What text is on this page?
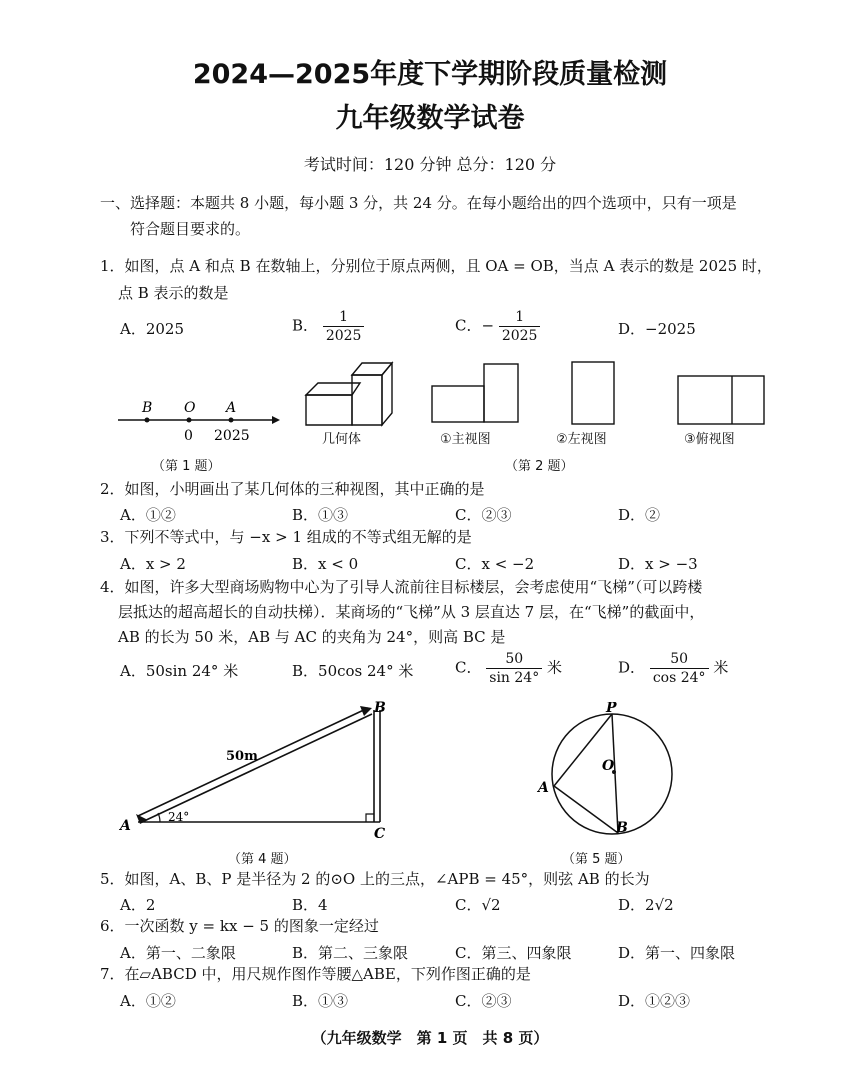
2024—2025年度下学期阶段质量检测
九年级数学试卷
考试时间：120 分钟 总分：120 分
一、选择题：本题共 8 小题，每小题 3 分，共 24 分。在每小题给出的四个选项中，只有一项是
符合题目要求的。
1．如图，点 A 和点 B 在数轴上，分别位于原点两侧，且 OA = OB，当点 A 表示的数是 2025 时，
点 B 表示的数是
A．2025	B． $\frac{1}{2025}$	C．− $\frac{1}{2025}$	D．−2025
B O A
0 2025
（第 1 题）
几何体	①主视图	②左视图	③俯视图
（第 2 题）
2．如图，小明画出了某几何体的三种视图，其中正确的是
A．①②	B．①③	C．②③	D．②
3．下列不等式中，与 −x > 1 组成的不等式组无解的是
A．x > 2	B．x < 0	C．x < −2	D．x > −3
4．如图，许多大型商场购物中心为了引导人流前往目标楼层，会考虑使用“飞梯”（可以跨楼
层抵达的超高超长的自动扶梯）．某商场的“飞梯”从 3 层直达 7 层，在“飞梯”的截面中，
AB 的长为 50 米，AB 与 AC 的夹角为 24°，则高 BC 是
A．50sin 24° 米	B．50cos 24° 米	C． $\frac{50}{\sin 24^\circ}$ 米	D． $\frac{50}{\cos 24^\circ}$ 米
A
B
C
50m
24°
（第 4 题）
P
O
A
B
（第 5 题）
5．如图，A、B、P 是半径为 2 的⊙O 上的三点，∠APB = 45°，则弦 AB 的长为
A．2	B．4	C．√2	D．2√2
6．一次函数 y = kx − 5 的图象一定经过
A．第一、二象限	B．第二、三象限	C．第三、四象限	D．第一、四象限
7．在▱ABCD 中，用尺规作图作等腰△ABE，下列作图正确的是
A．①②	B．①③	C．②③	D．①②③
（九年级数学　第 1 页　共 8 页）
